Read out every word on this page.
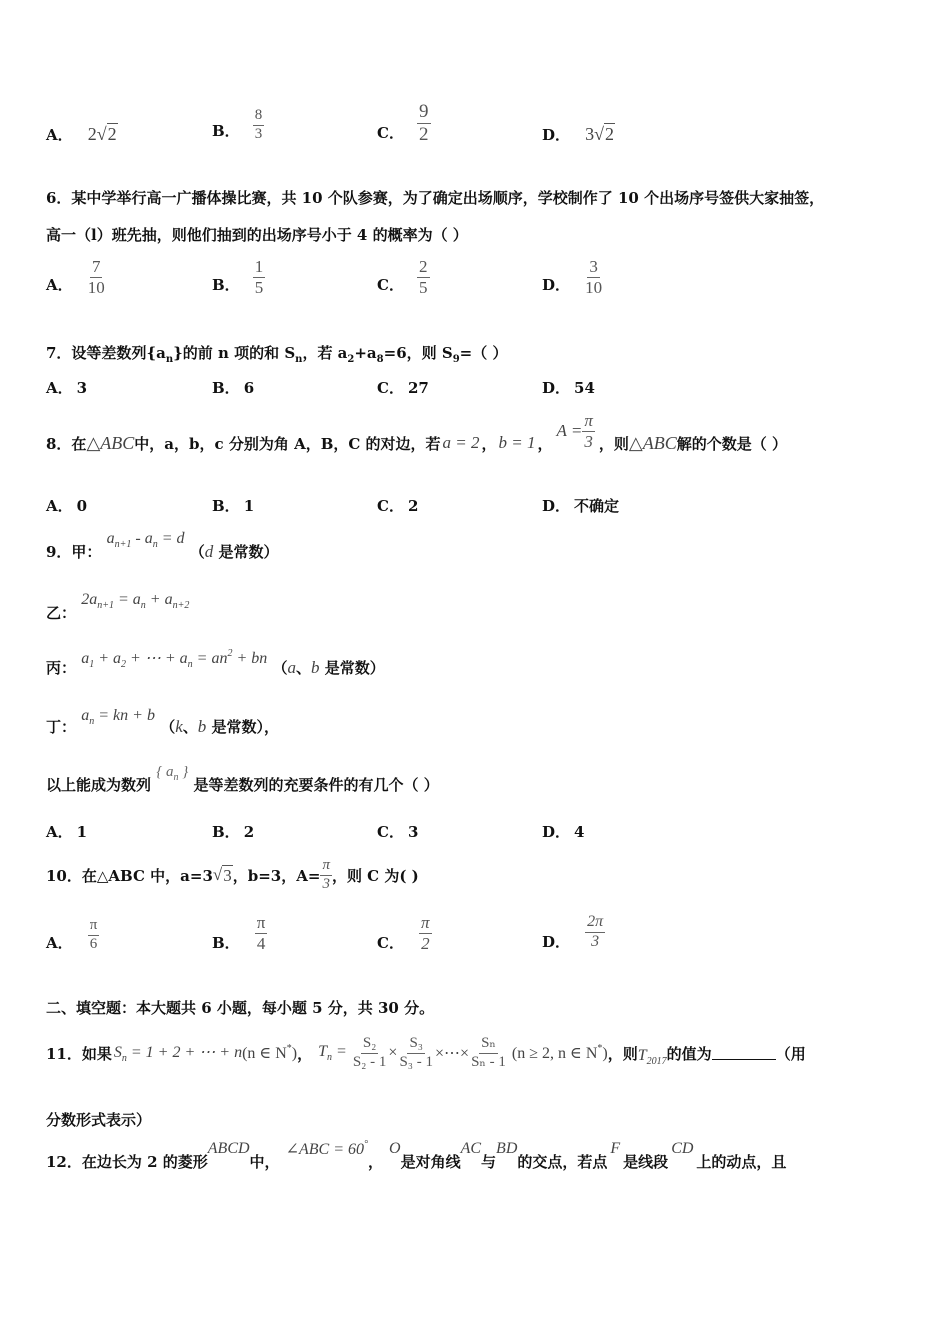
A． 2√2	B． $\frac{8}{3}$	C． $\frac{9}{2}$	D． 3√2
6．某中学举行高一广播体操比赛，共 10 个队参赛，为了确定出场顺序，学校制作了 10 个出场序号签供大家抽签，
高一（l）班先抽，则他们抽到的出场序号小于 4 的概率为（ ）
A． $\frac{7}{10}$	B． $\frac{1}{5}$	C． $\frac{2}{5}$	D． $\frac{3}{10}$
7．设等差数列$\{a_n\}$的前 n 项的和 $S_n$，若 $a_2+a_8=6$，则 $S_9=$（ ）
A． 3	B． 6	C． 27	D． 54
8．在 △ABC 中，a，b，c 分别为角 A，B，C 的对边，若 a = 2 ， b = 1 ，
$A = \frac{\pi}{3}$ ，则 △ABC 解的个数是（ ）
A． 0	B． 1	C． 2	D． 不确定
9．甲： $a_{n+1} - a_n = d$ （d 是常数）
乙： $2a_{n+1} = a_n + a_{n+2}$
丙： $a_1 + a_2$ + ⋯ + $a_n = an^2$ + bn （a、b 是常数）
丁： $a_n$ = kn + b （k、b 是常数），
以上能成为数列 { $a_n$ } 是等差数列的充要条件的有几个（ ）
A． 1	B． 2	C． 3	D． 4
10．在△ABC 中，a=3 √ 3 ，b=3，$A= \frac{\pi}{3}$ ，则 C 为( )
A． $\frac{\pi}{6}$	B． $\frac{\pi}{4}$	C． $\frac{\pi}{2}$	D． $\frac{2\pi}{3}$
二、填空题：本大题共 6 小题，每小题 5 分，共 30 分。
11．如果 $S_n = 1 + 2$ + ⋯ + n (n ∈ N*) ， $T_n = \frac{\text{S₂}}{\text{S₂ - 1}} \times \frac{\text{S₃}}{\text{S₃ - 1}}$ ×⋯× $\frac{\text{Sₙ}}{\text{Sₙ - 1}} (n \ge 2$, n ∈ N*) ，则 $T_{2017}$ 的值为	（用
分数形式表示）
12．在边长为 2 的菱形
ABCD
中，
∠ABC = 60°
，
O
是对角线
AC
与
BD
的交点，若点
F
是线段
CD
上的动点，且
